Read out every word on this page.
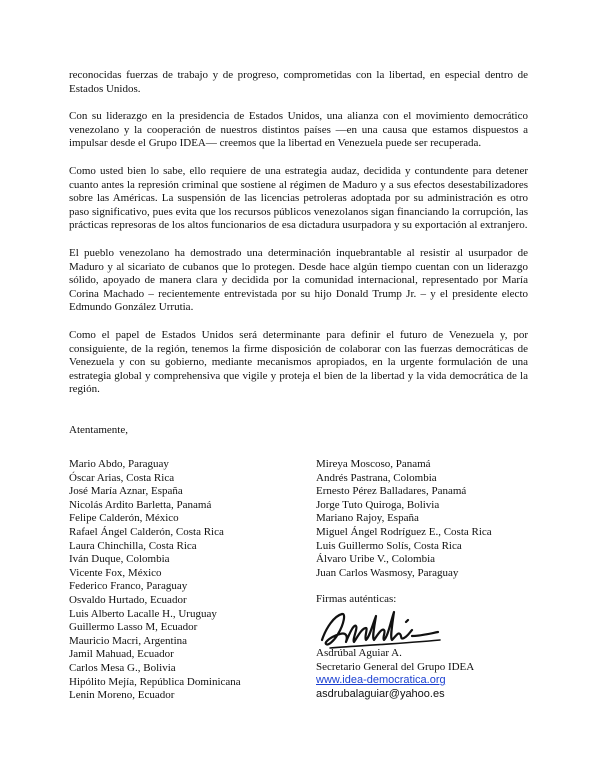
reconocidas fuerzas de trabajo y de progreso, comprometidas con la libertad, en especial dentro de Estados Unidos.

Con su liderazgo en la presidencia de Estados Unidos, una alianza con el movimiento democrático venezolano y la cooperación de nuestros distintos países —en una causa que estamos dispuestos a impulsar desde el Grupo IDEA— creemos que la libertad en Venezuela puede ser recuperada.

Como usted bien lo sabe, ello requiere de una estrategia audaz, decidida y contundente para detener cuanto antes la represión criminal que sostiene al régimen de Maduro y a sus efectos desestabilizadores sobre las Américas. La suspensión de las licencias petroleras adoptada por su administración es otro paso significativo, pues evita que los recursos públicos venezolanos sigan financiando la corrupción, las prácticas represoras de los altos funcionarios de esa dictadura usurpadora y su exportación al extranjero.

El pueblo venezolano ha demostrado una determinación inquebrantable al resistir al usurpador de Maduro y al sicariato de cubanos que lo protegen. Desde hace algún tiempo cuentan con un liderazgo sólido, apoyado de manera clara y decidida por la comunidad internacional, representado por María Corina Machado – recientemente entrevistada por su hijo Donald Trump Jr. – y el presidente electo Edmundo González Urrutia.

Como el papel de Estados Unidos será determinante para definir el futuro de Venezuela y, por consiguiente, de la región, tenemos la firme disposición de colaborar con las fuerzas democráticas de Venezuela y con su gobierno, mediante mecanismos apropiados, en la urgente formulación de una estrategia global y comprehensiva que vigile y proteja el bien de la libertad y la vida democrática de la región.

Atentamente,
Mario Abdo, Paraguay
Óscar Arias, Costa Rica
José María Aznar, España
Nicolás Ardito Barletta, Panamá
Felipe Calderón, México
Rafael Ángel Calderón, Costa Rica
Laura Chinchilla, Costa Rica
Iván Duque, Colombia
Vicente Fox, México
Federico Franco, Paraguay
Osvaldo Hurtado, Ecuador
Luis Alberto Lacalle H., Uruguay
Guillermo Lasso M, Ecuador
Mauricio Macri, Argentina
Jamil Mahuad, Ecuador
Carlos Mesa G., Bolivia
Hipólito Mejía, República Dominicana
Lenin Moreno, Ecuador
Mireya Moscoso, Panamá
Andrés Pastrana, Colombia
Ernesto Pérez Balladares, Panamá
Jorge Tuto Quiroga, Bolivia
Mariano Rajoy, España
Miguel Ángel Rodríguez E., Costa Rica
Luis Guillermo Solís, Costa Rica
Álvaro Uribe V., Colombia
Juan Carlos Wasmosy, Paraguay
Firmas auténticas:
Asdrúbal Aguiar A.
Secretario General del Grupo IDEA
www.idea-democratica.org
asdrubalaguiar@yahoo.es
